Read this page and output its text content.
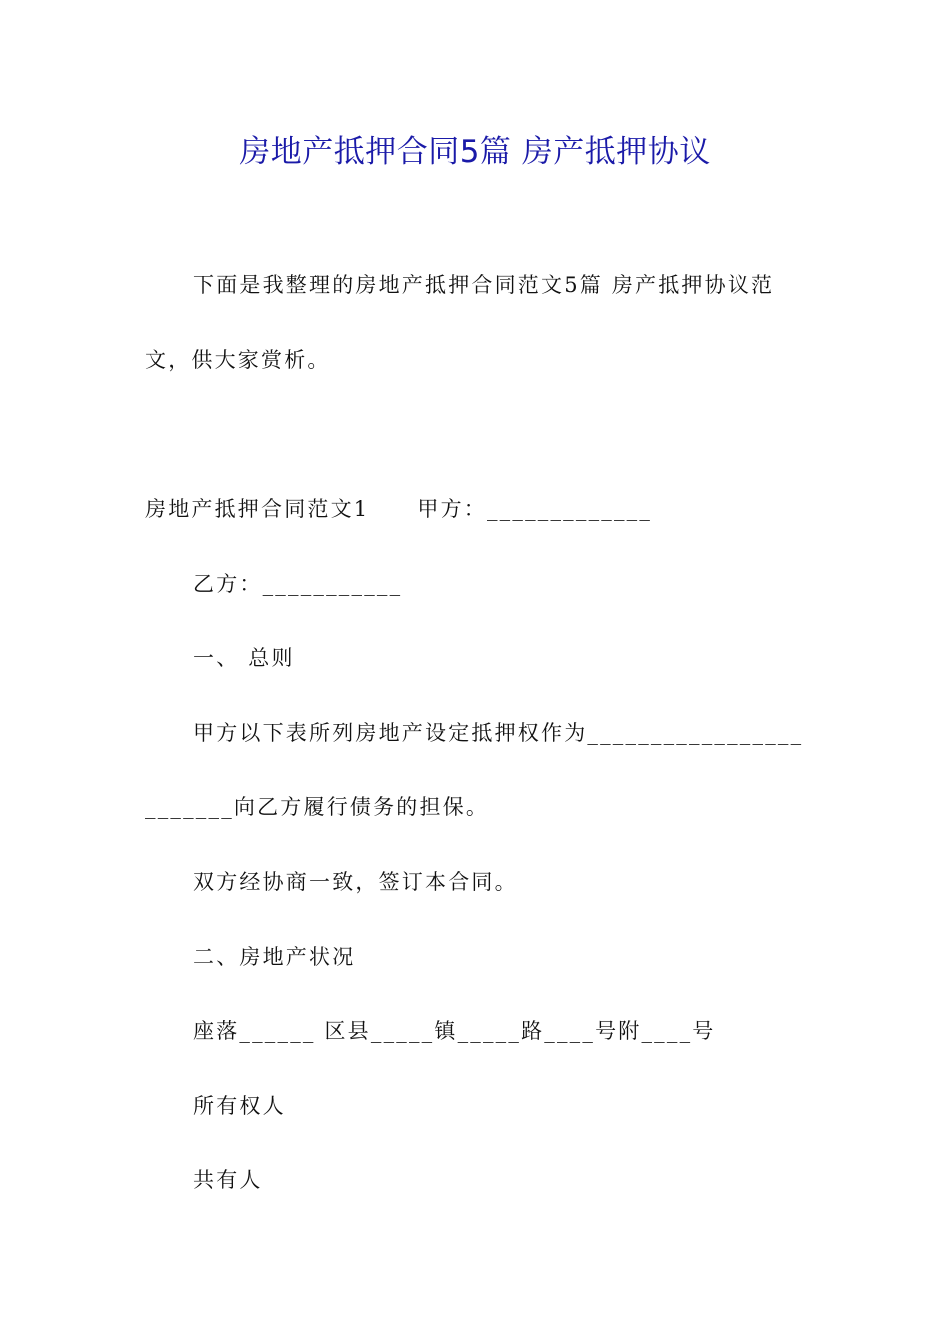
房地产抵押合同5篇 房产抵押协议

下面是我整理的房地产抵押合同范文5篇 房产抵押协议范

文，供大家赏析。

房地产抵押合同范文1 甲方：_____________

乙方：___________

一、 总则

甲方以下表所列房地产设定抵押权作为_________________

_______向乙方履行债务的担保。

双方经协商一致，签订本合同。

二、房地产状况

座落______ 区县_____镇_____路____号附____号

所有权人

共有人
